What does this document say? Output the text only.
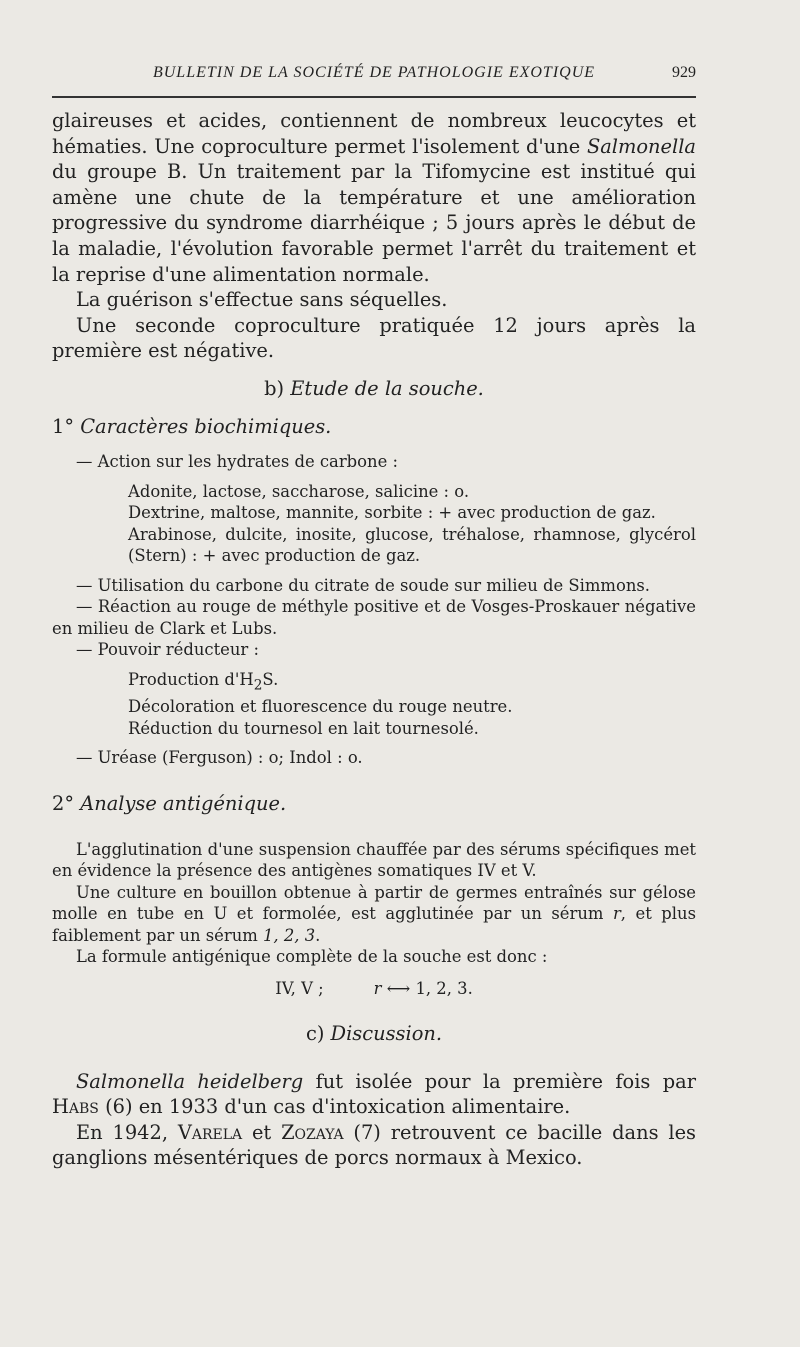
BULLETIN DE LA SOCIÉTÉ DE PATHOLOGIE EXOTIQUE	929

glaireuses et acides, contiennent de nombreux leucocytes et hématies. Une coproculture permet l'isolement d'une Salmonella du groupe B. Un traitement par la Tifomycine est institué qui amène une chute de la température et une amélioration progressive du syndrome diarrhéique ; 5 jours après le début de la maladie, l'évolution favorable permet l'arrêt du traitement et la reprise d'une alimentation normale.

La guérison s'effectue sans séquelles.

Une seconde coproculture pratiquée 12 jours après la première est négative.

b) Etude de la souche.

1° Caractères biochimiques.

— Action sur les hydrates de carbone :

Adonite, lactose, saccharose, salicine : o.

Dextrine, maltose, mannite, sorbite : + avec production de gaz.

Arabinose, dulcite, inosite, glucose, tréhalose, rhamnose, glycérol (Stern) : + avec production de gaz.

— Utilisation du carbone du citrate de soude sur milieu de Simmons.

— Réaction au rouge de méthyle positive et de Vosges-Proskauer négative en milieu de Clark et Lubs.

— Pouvoir réducteur :

Production $d'H_2S$.

Décoloration et fluorescence du rouge neutre.

Réduction du tournesol en lait tournesolé.

— Uréase (Ferguson) : o; Indol : o.

2° Analyse antigénique.

L'agglutination d'une suspension chauffée par des sérums spécifiques met en évidence la présence des antigènes somatiques IV et V.

Une culture en bouillon obtenue à partir de germes entraînés sur gélose molle en tube en U et formolée, est agglutinée par un sérum r, et plus faiblement par un sérum 1, 2, 3.

La formule antigénique complète de la souche est donc :

IV, V ;	r ⟷ 1, 2, 3.

c) Discussion.

Salmonella heidelberg fut isolée pour la première fois par Habs (6) en 1933 d'un cas d'intoxication alimentaire.

En 1942, Varela et Zozaya (7) retrouvent ce bacille dans les ganglions mésentériques de porcs normaux à Mexico.
